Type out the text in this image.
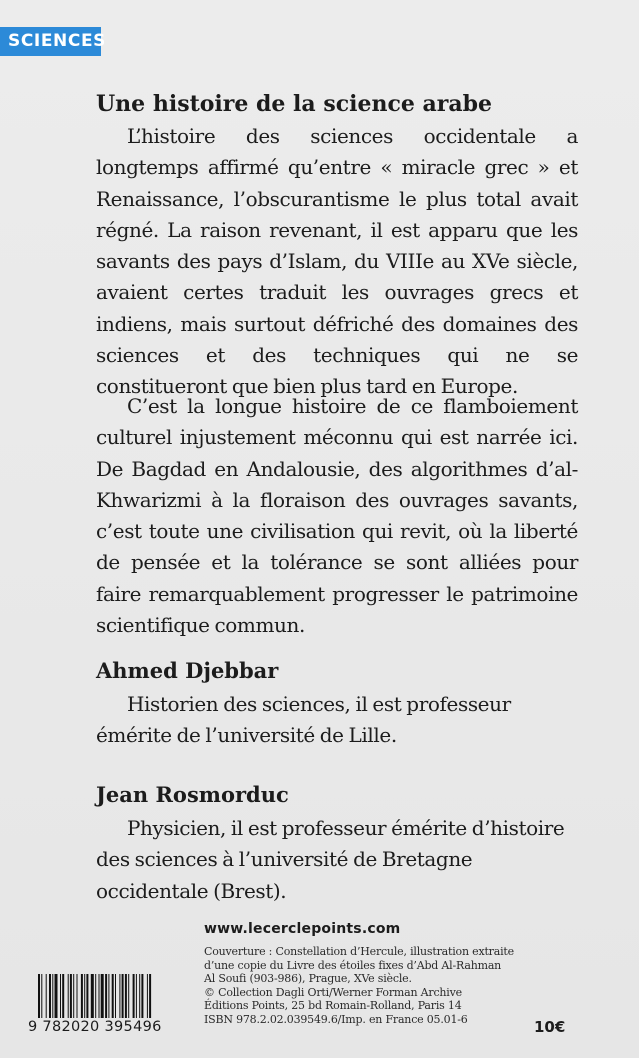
SCIENCES
Une histoire de la science arabe

L’histoire des sciences occidentale a longtemps affirmé qu’entre « miracle grec » et Renaissance, l’obscurantisme le plus total avait régné. La raison revenant, il est apparu que les savants des pays d’Islam, du VIIIe au XVe siècle, avaient certes traduit les ouvrages grecs et indiens, mais surtout défriché des domaines des sciences et des techniques qui ne se constitueront que bien plus tard en Europe.

C’est la longue histoire de ce flamboiement culturel injustement méconnu qui est narrée ici. De Bagdad en Andalousie, des algorithmes d’al-Khwarizmi à la floraison des ouvrages savants, c’est toute une civilisation qui revit, où la liberté de pensée et la tolérance se sont alliées pour faire remarquablement progresser le patrimoine scientifique commun.

Ahmed Djebbar

Historien des sciences, il est professeur émérite de l’université de Lille.

Jean Rosmorduc

Physicien, il est professeur émérite d’histoire des sciences à l’université de Bretagne occidentale (Brest).

www.lecerclepoints.com
Couverture : Constellation d’Hercule, illustration extraite d’une copie du Livre des étoiles fixes d’Abd Al-Rahman Al Soufi (903-986), Prague, XVe siècle.
© Collection Dagli Orti/Werner Forman Archive
Éditions Points, 25 bd Romain-Rolland, Paris 14
ISBN 978.2.02.039549.6/Imp. en France 05.01-6
9 782020 395496	10€
